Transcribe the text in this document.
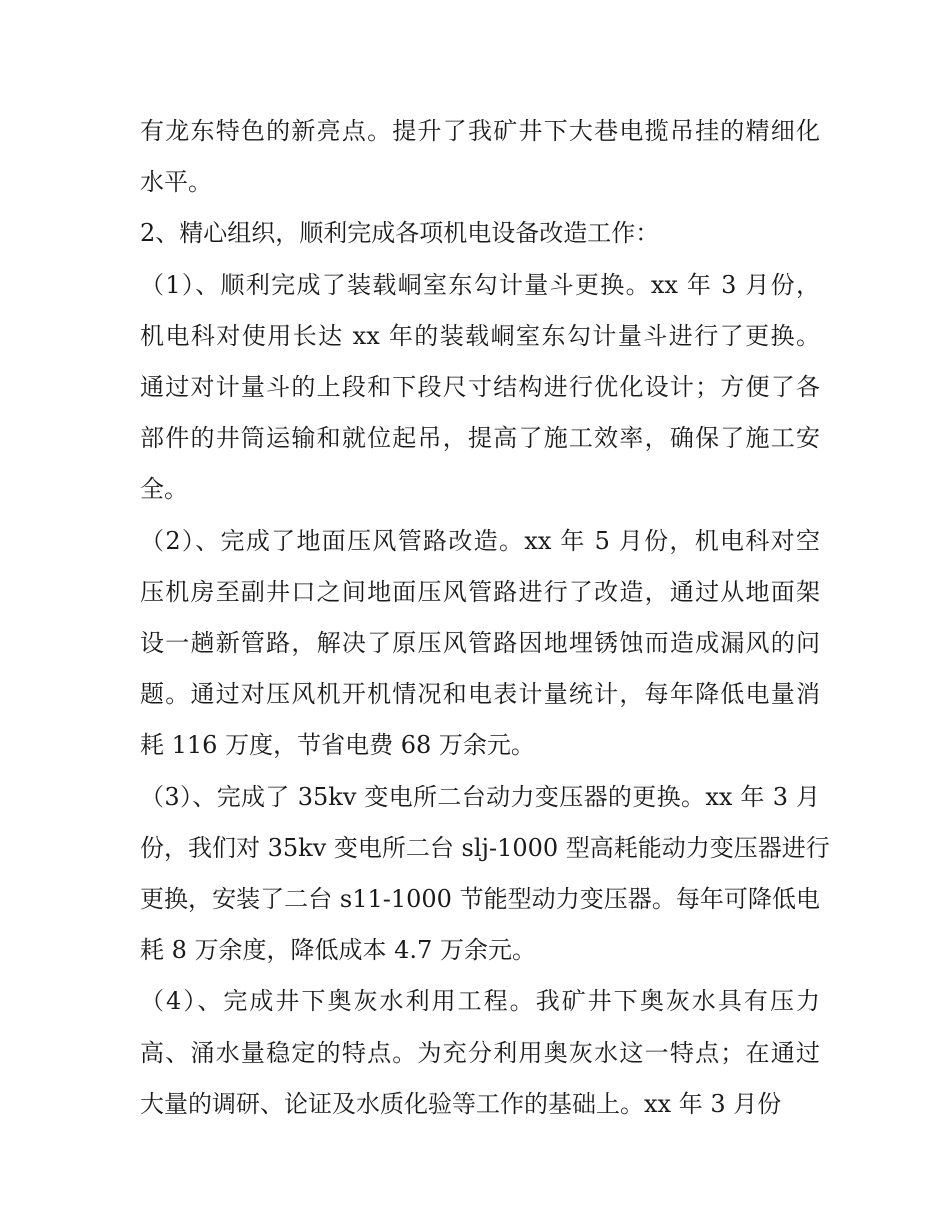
有龙东特色的新亮点。提升了我矿井下大巷电揽吊挂的精细化
水平。

2、精心组织，顺利完成各项机电设备改造工作：

（1）、顺利完成了装载峒室东勾计量斗更换。xx 年 3 月份，
机电科对使用长达 xx 年的装载峒室东勾计量斗进行了更换。
通过对计量斗的上段和下段尺寸结构进行优化设计；方便了各
部件的井筒运输和就位起吊，提高了施工效率，确保了施工安
全。

（2）、完成了地面压风管路改造。xx 年 5 月份，机电科对空
压机房至副井口之间地面压风管路进行了改造，通过从地面架
设一趟新管路，解决了原压风管路因地埋锈蚀而造成漏风的问
题。通过对压风机开机情况和电表计量统计，每年降低电量消
耗 116 万度，节省电费 68 万余元。

（3）、完成了 35kv 变电所二台动力变压器的更换。xx 年 3 月
份，我们对 35kv 变电所二台 slj-1000 型高耗能动力变压器进行
更换，安装了二台 s11-1000 节能型动力变压器。每年可降低电
耗 8 万余度，降低成本 4.7 万余元。

（4）、完成井下奥灰水利用工程。我矿井下奥灰水具有压力
高、涌水量稳定的特点。为充分利用奥灰水这一特点；在通过
大量的调研、论证及水质化验等工作的基础上。xx 年 3 月份
